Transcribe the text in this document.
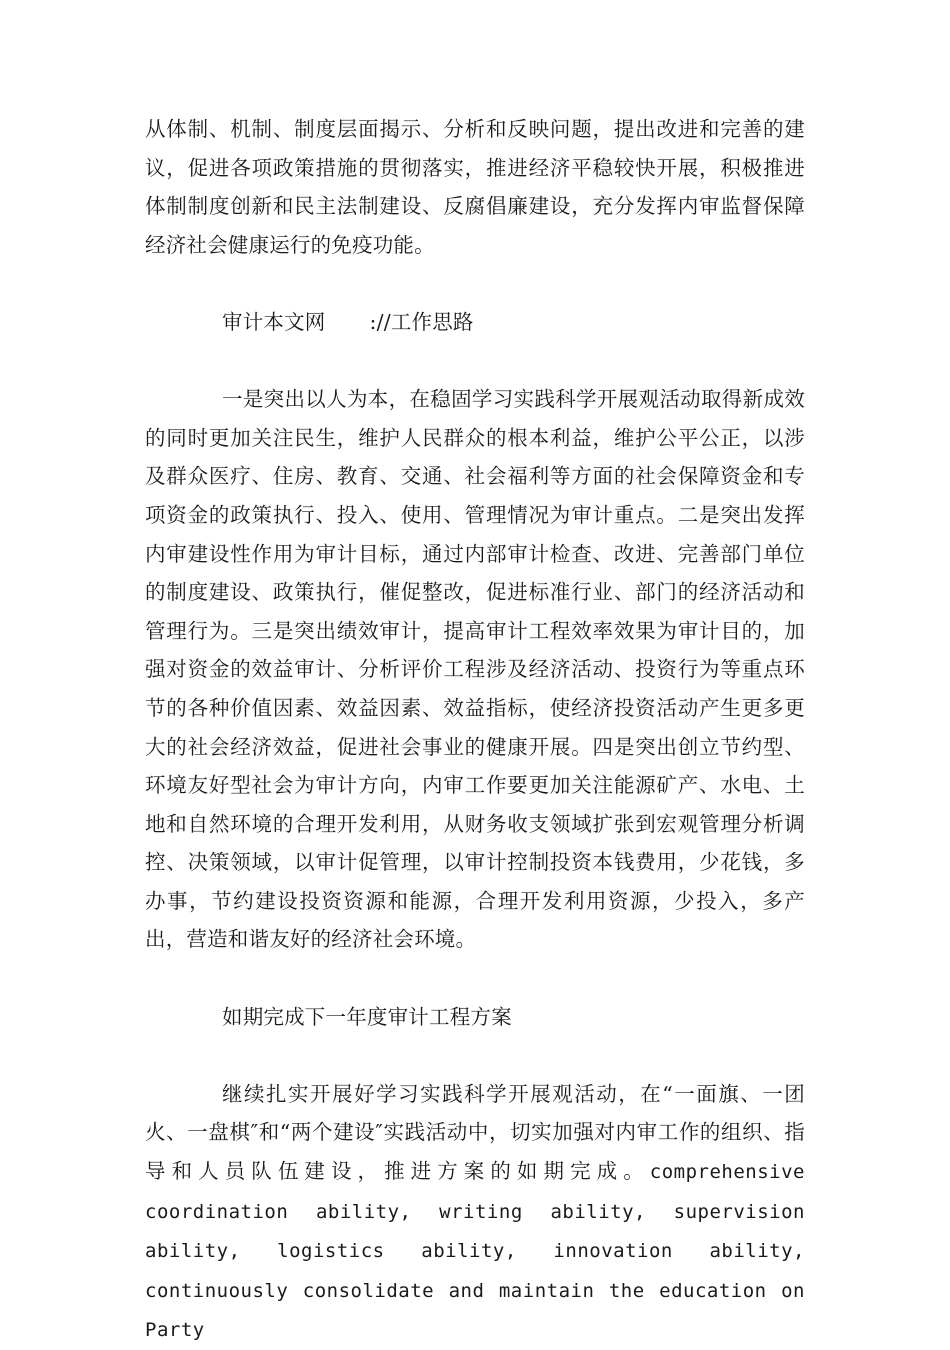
从体制、机制、制度层面揭示、分析和反映问题，提出改进和完善的建议，促进各项政策措施的贯彻落实，推进经济平稳较快开展，积极推进体制制度创新和民主法制建设、反腐倡廉建设，充分发挥内审监督保障经济社会健康运行的免疫功能。

审计本文网 ://工作思路

一是突出以人为本，在稳固学习实践科学开展观活动取得新成效的同时更加关注民生，维护人民群众的根本利益，维护公平公正，以涉及群众医疗、住房、教育、交通、社会福利等方面的社会保障资金和专项资金的政策执行、投入、使用、管理情况为审计重点。二是突出发挥内审建设性作用为审计目标，通过内部审计检查、改进、完善部门单位的制度建设、政策执行，催促整改，促进标准行业、部门的经济活动和管理行为。三是突出绩效审计，提高审计工程效率效果为审计目的，加强对资金的效益审计、分析评价工程涉及经济活动、投资行为等重点环节的各种价值因素、效益因素、效益指标，使经济投资活动产生更多更大的社会经济效益，促进社会事业的健康开展。四是突出创立节约型、环境友好型社会为审计方向，内审工作要更加关注能源矿产、水电、土地和自然环境的合理开发利用，从财务收支领域扩张到宏观管理分析调控、决策领域，以审计促管理，以审计控制投资本钱费用，少花钱，多办事，节约建设投资资源和能源，合理开发利用资源，少投入，多产出，营造和谐友好的经济社会环境。

如期完成下一年度审计工程方案

继续扎实开展好学习实践科学开展观活动，在“一面旗、一团火、一盘棋″和“两个建设″实践活动中，切实加强对内审工作的组织、指导和人员队伍建设，推进方案的如期完成。comprehensive coordination ability, writing ability, supervision ability, logistics ability, innovation ability, continuously consolidate and maintain the education on Party
